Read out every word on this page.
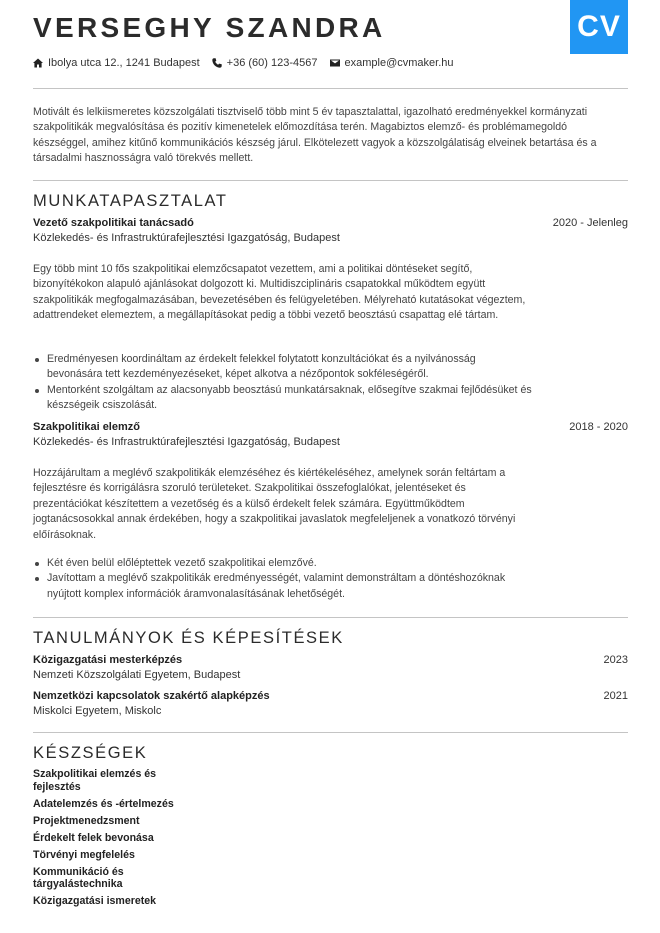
VERSEGHY SZANDRA	CV
Ibolya utca 12., 1241 Budapest +36 (60) 123-4567 example@cvmaker.hu
Motivált és lelkiismeretes közszolgálati tisztviselő több mint 5 év tapasztalattal, igazolható eredményekkel kormányzati szakpolitikák megvalósítása és pozitív kimenetelek előmozdítása terén. Magabiztos elemző- és problémamegoldó készséggel, amihez kitűnő kommunikációs készség járul. Elkötelezett vagyok a közszolgálatiság elveinek betartása és a társadalmi hasznosságra való törekvés mellett.
MUNKATAPASZTALAT
Vezető szakpolitikai tanácsadó	2020 - Jelenleg
Közlekedés- és Infrastruktúrafejlesztési Igazgatóság, Budapest
Egy több mint 10 fős szakpolitikai elemzőcsapatot vezettem, ami a politikai döntéseket segítő, bizonyítékokon alapuló ajánlásokat dolgozott ki. Multidiszciplináris csapatokkal működtem együtt szakpolitikák megfogalmazásában, bevezetésében és felügyeletében. Mélyreható kutatásokat végeztem, adattrendeket elemeztem, a megállapításokat pedig a többi vezető beosztású csapattag elé tártam.
Eredményesen koordináltam az érdekelt felekkel folytatott konzultációkat és a nyilvánosság bevonására tett kezdeményezéseket, képet alkotva a nézőpontok sokféleségéről.
Mentorként szolgáltam az alacsonyabb beosztású munkatársaknak, elősegítve szakmai fejlődésüket és készségeik csiszolását.
Szakpolitikai elemző	2018 - 2020
Közlekedés- és Infrastruktúrafejlesztési Igazgatóság, Budapest
Hozzájárultam a meglévő szakpolitikák elemzéséhez és kiértékeléséhez, amelynek során feltártam a fejlesztésre és korrigálásra szoruló területeket. Szakpolitikai összefoglalókat, jelentéseket és prezentációkat készítettem a vezetőség és a külső érdekelt felek számára. Együttműködtem jogtanácsosokkal annak érdekében, hogy a szakpolitikai javaslatok megfeleljenek a vonatkozó törvényi előírásoknak.
Két éven belül előléptettek vezető szakpolitikai elemzővé.
Javítottam a meglévő szakpolitikák eredményességét, valamint demonstráltam a döntéshozóknak nyújtott komplex információk áramvonalasításának lehetőségét.
TANULMÁNYOK ÉS KÉPESÍTÉSEK
Közigazgatási mesterképzés	2023
Nemzeti Közszolgálati Egyetem, Budapest
Nemzetközi kapcsolatok szakértő alapképzés	2021
Miskolci Egyetem, Miskolc
KÉSZSÉGEK
Szakpolitikai elemzés és fejlesztés
Adatelemzés és -értelmezés
Projektmenedzsment
Érdekelt felek bevonása
Törvényi megfelelés
Kommunikáció és tárgyalástechnika
Közigazgatási ismeretek
